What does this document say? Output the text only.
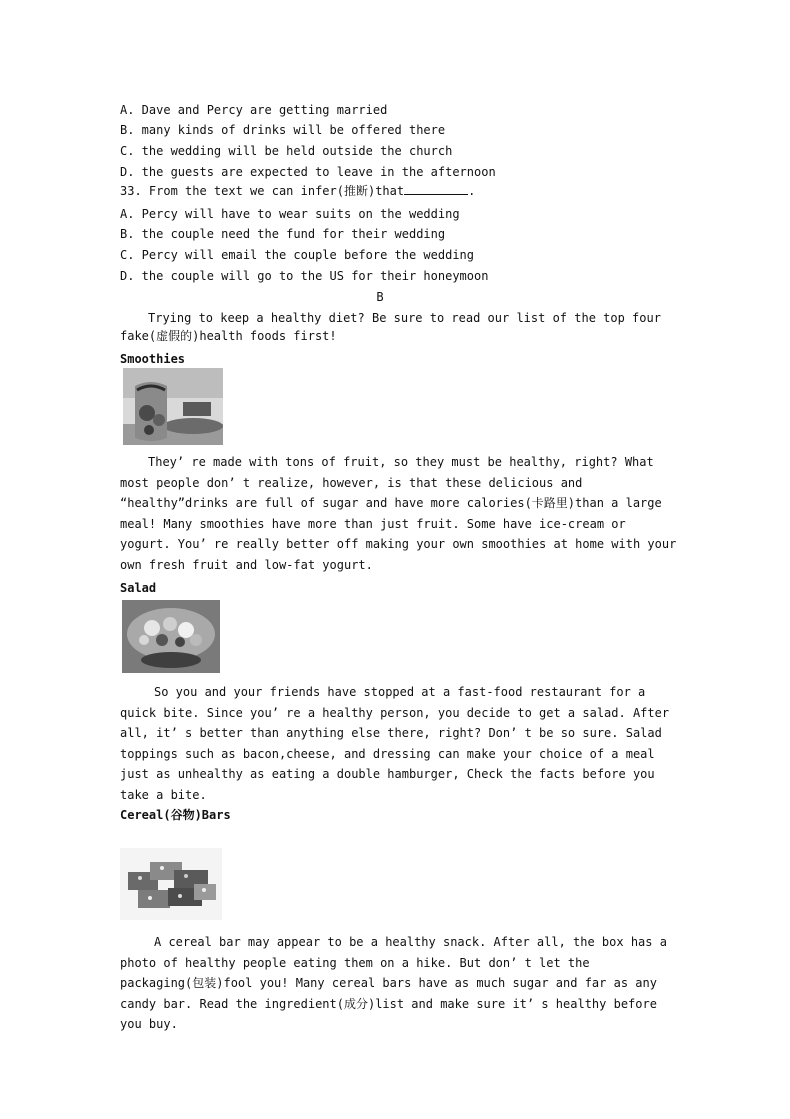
A. Dave and Percy are getting married
B. many kinds of drinks will be offered there
C. the wedding will be held outside the church
D. the guests are expected to leave in the afternoon
33. From the text we can infer(推断)that	.
A. Percy will have to wear suits on the wedding
B. the couple need the fund for their wedding
C. Percy will email the couple before the wedding
D. the couple will go to the US for their honeymoon
B
Trying to keep a healthy diet? Be sure to read our list of the top four
fake(虚假的)health foods first!
Smoothies
They’ re made with tons of fruit, so they must be healthy, right? What most people don’ t realize, however, is that these delicious and “healthy”drinks are full of sugar and have more calories(卡路里)than a large meal! Many smoothies have more than just fruit. Some have ice-cream or yogurt. You’ re really better off making your own smoothies at home with your own fresh fruit and low-fat yogurt.
Salad
So you and your friends have stopped at a fast-food restaurant for a quick bite. Since you’ re a healthy person, you decide to get a salad. After all, it’ s better than anything else there, right? Don’ t be so sure. Salad toppings such as bacon,cheese, and dressing can make your choice of a meal just as unhealthy as eating a double hamburger, Check the facts before you take a bite.
Cereal(谷物)Bars
A cereal bar may appear to be a healthy snack. After all, the box has a photo of healthy people eating them on a hike. But don’ t let the packaging(包装)fool you! Many cereal bars have as much sugar and far as any candy bar. Read the ingredient(成分)list and make sure it’ s healthy before you buy.
